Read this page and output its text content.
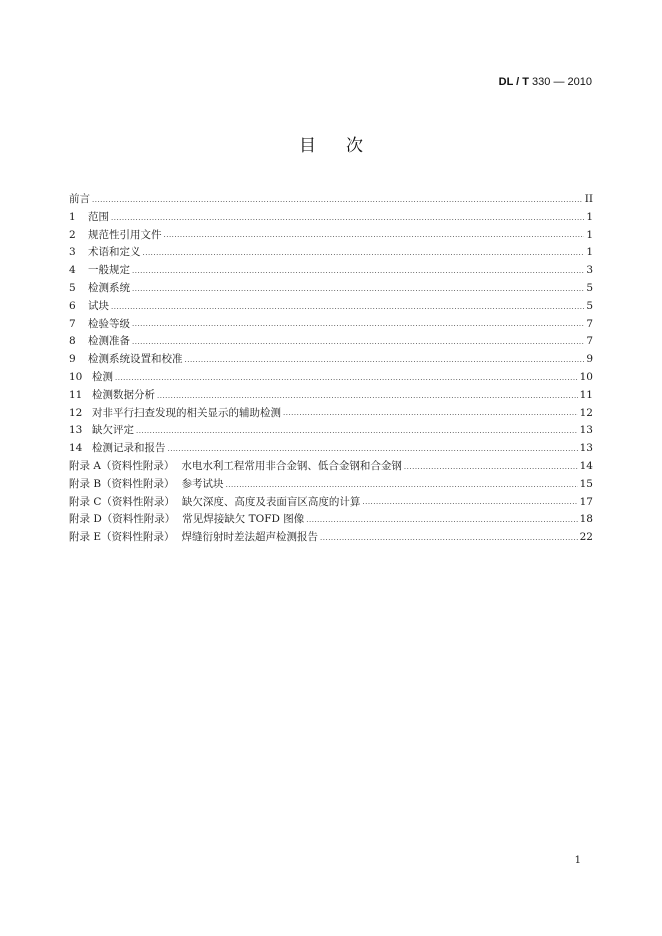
DL / T 330 — 2010
目次
前言 ·····	II
1	范围 ·····	1
2	规范性引用文件 ·····	1
3	术语和定义 ·····	1
4	一般规定 ·····	3
5	检测系统 ·····	5
6	试块 ·····	5
7	检验等级 ·····	7
8	检测准备 ·····	7
9	检测系统设置和校准 ·····	9
10 检测 ·····	10
11 检测数据分析 ·····	11
12 对非平行扫查发现的相关显示的辅助检测 ·····	12
13 缺欠评定 ·····	13
14 检测记录和报告 ·····	13
附录 A（资料性附录） 水电水利工程常用非合金钢、低合金钢和合金钢 ·····	14
附录 B（资料性附录） 参考试块 ·····	15
附录 C（资料性附录） 缺欠深度、高度及表面盲区高度的计算 ·····	17
附录 D（资料性附录） 常见焊接缺欠 TOFD 图像 ·····	18
附录 E（资料性附录） 焊缝衍射时差法超声检测报告 ·····	22
1
